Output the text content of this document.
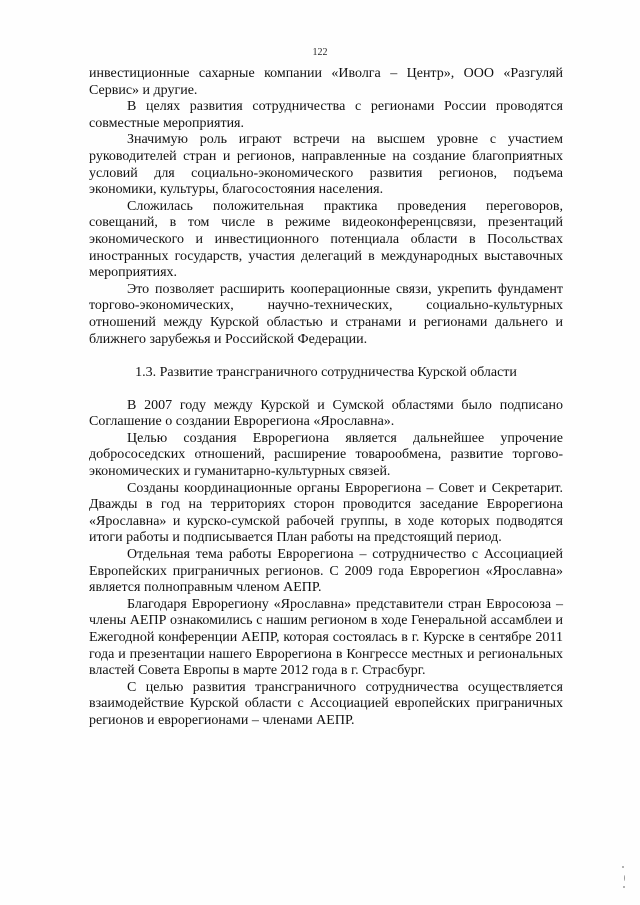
122

инвестиционные сахарные компании «Иволга – Центр», ООО «Разгуляй Сервис» и другие.

В целях развития сотрудничества с регионами России проводятся совместные мероприятия.

Значимую роль играют встречи на высшем уровне с участием руководителей стран и регионов, направленные на создание благоприятных условий для социально-экономического развития регионов, подъема экономики, культуры, благосостояния населения.

Сложилась положительная практика проведения переговоров, совещаний, в том числе в режиме видеоконференцсвязи, презентаций экономического и инвестиционного потенциала области в Посольствах иностранных государств, участия делегаций в международных выставочных мероприятиях.

Это позволяет расширить кооперационные связи, укрепить фундамент торгово-экономических, научно-технических, социально-культурных отношений между Курской областью и странами и регионами дальнего и ближнего зарубежья и Российской Федерации.

1.3. Развитие трансграничного сотрудничества Курской области

В 2007 году между Курской и Сумской областями было подписано Соглашение о создании Еврорегиона «Ярославна».

Целью создания Еврорегиона является дальнейшее упрочение добрососедских отношений, расширение товарообмена, развитие торгово-экономических и гуманитарно-культурных связей.

Созданы координационные органы Еврорегиона – Совет и Секретарит. Дважды в год на территориях сторон проводится заседание Еврорегиона «Ярославна» и курско-сумской рабочей группы, в ходе которых подводятся итоги работы и подписывается План работы на предстоящий период.

Отдельная тема работы Еврорегиона – сотрудничество с Ассоциацией Европейских приграничных регионов. С 2009 года Еврорегион «Ярославна» является полноправным членом АЕПР.

Благодаря Еврорегиону «Ярославна» представители стран Евросоюза – члены АЕПР ознакомились с нашим регионом в ходе Генеральной ассамблеи и Ежегодной конференции АЕПР, которая состоялась в г. Курске в сентябре 2011 года и презентации нашего Еврорегиона в Конгрессе местных и региональных властей Совета Европы в марте 2012 года в г. Страсбург.

С целью развития трансграничного сотрудничества осуществляется взаимодействие Курской области с Ассоциацией европейских приграничных регионов и еврорегионами – членами АЕПР.
